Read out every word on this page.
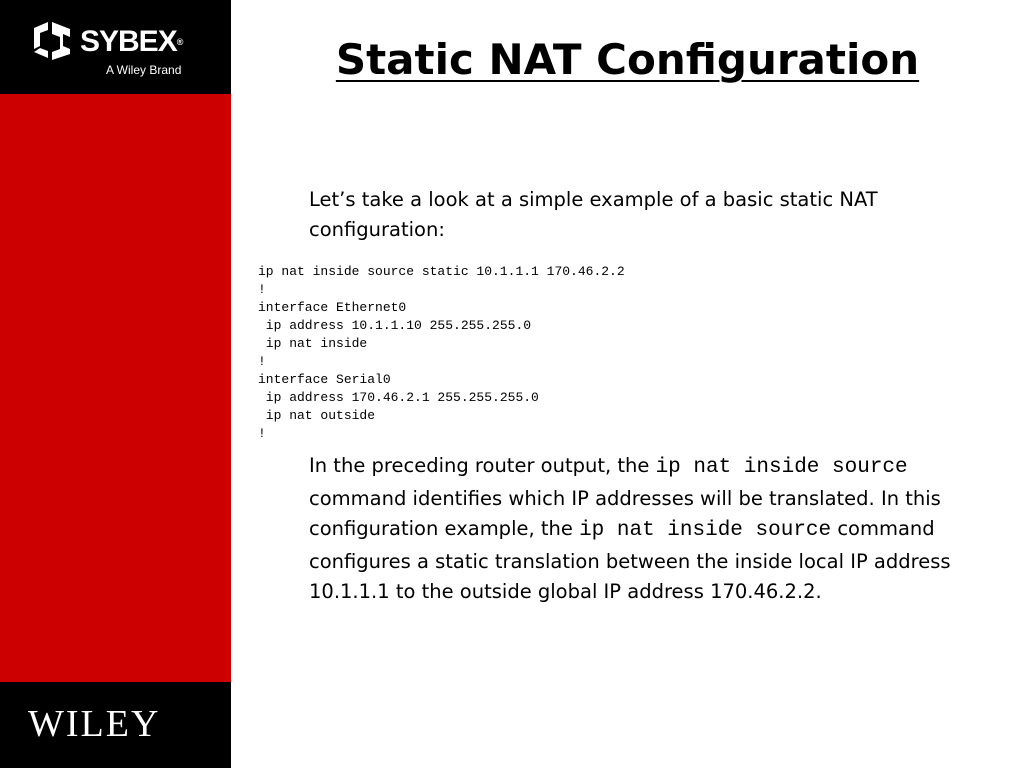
SYBEX®
A Wiley Brand
WILEY
Static NAT Configuration
Let’s take a look at a simple example of a basic static NAT configuration:
ip nat inside source static 10.1.1.1 170.46.2.2
!
interface Ethernet0
ip address 10.1.1.10 255.255.255.0
ip nat inside
!
interface Serial0
ip address 170.46.2.1 255.255.255.0
ip nat outside
!
In the preceding router output, the ip nat inside source command identifies which IP addresses will be translated. In this configuration example, the ip nat inside source command configures a static translation between the inside local IP address 10.1.1.1 to the outside global IP address 170.46.2.2.
